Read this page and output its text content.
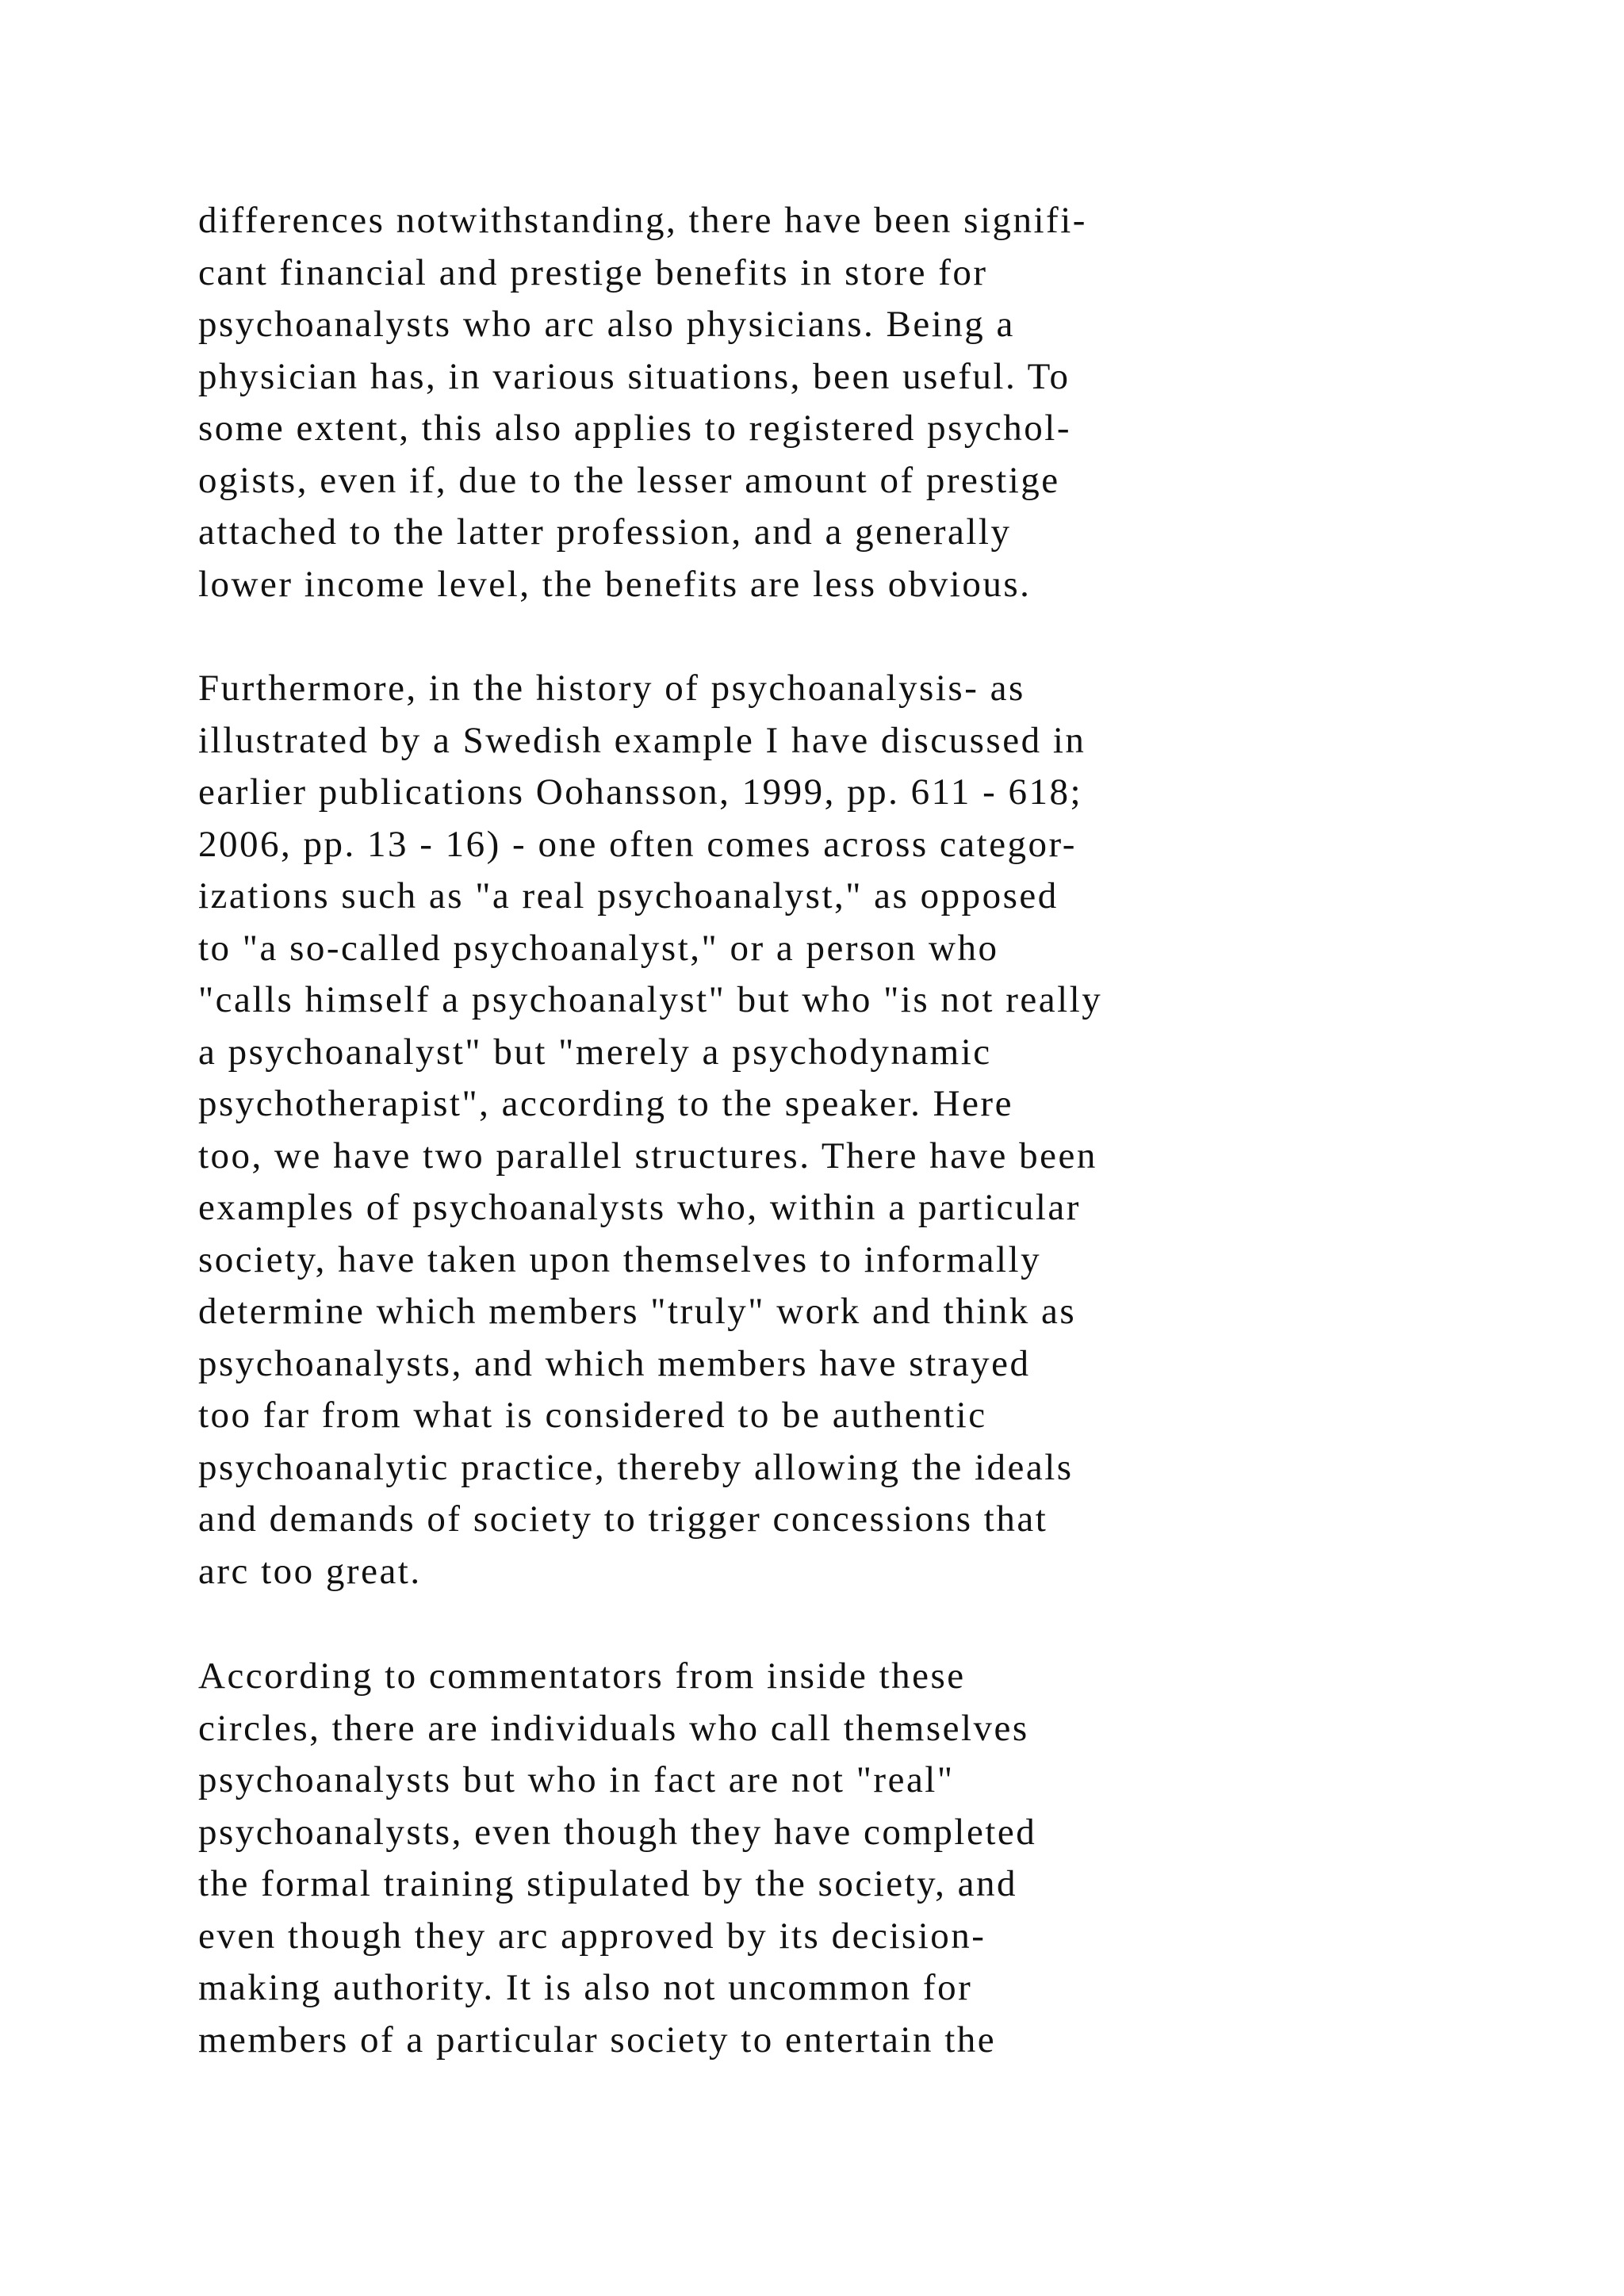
differences notwithstanding, there have been signifi-
cant financial and prestige benefits in store for
psychoanalysts who arc also physicians. Being a
physician has, in various situations, been useful. To
some extent, this also applies to registered psychol-
ogists, even if, due to the lesser amount of prestige
attached to the latter profession, and a generally
lower income level, the benefits are less obvious.
Furthermore, in the history of psychoanalysis- as
illustrated by a Swedish example I have discussed in
earlier publications Oohansson, 1999, pp. 611 - 618;
2006, pp. 13 - 16) - one often comes across categor-
izations such as "a real psychoanalyst," as opposed
to "a so-called psychoanalyst," or a person who
"calls himself a psychoanalyst" but who "is not really
a psychoanalyst" but "merely a psychodynamic
psychotherapist", according to the speaker. Here
too, we have two parallel structures. There have been
examples of psychoanalysts who, within a particular
society, have taken upon themselves to informally
determine which members "truly" work and think as
psychoanalysts, and which members have strayed
too far from what is considered to be authentic
psychoanalytic practice, thereby allowing the ideals
and demands of society to trigger concessions that
arc too great.
According to commentators from inside these
circles, there are individuals who call themselves
psychoanalysts but who in fact are not "real"
psychoanalysts, even though they have completed
the formal training stipulated by the society, and
even though they arc approved by its decision-
making authority. It is also not uncommon for
members of a particular society to entertain the
